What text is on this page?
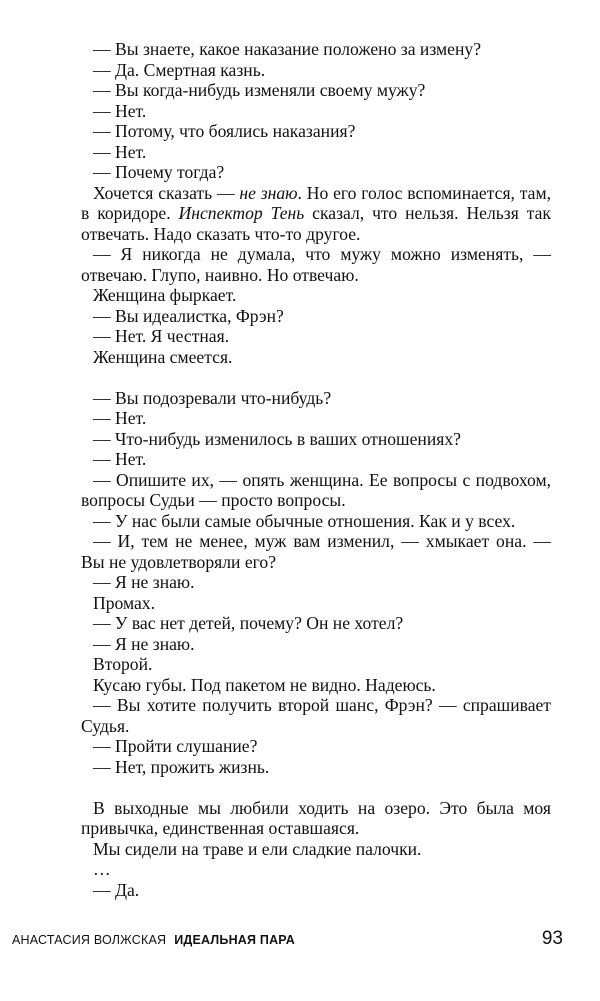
— Вы знаете, какое наказание положено за измену?

— Да. Смертная казнь.

— Вы когда-нибудь изменяли своему мужу?

— Нет.

— Потому, что боялись наказания?

— Нет.

— Почему тогда?

Хочется сказать — не знаю. Но его голос вспоминается, там, в коридоре. Инспектор Тень сказал, что нельзя. Нельзя так отвечать. Надо сказать что-то другое.

— Я никогда не думала, что мужу можно изменять, — отвечаю. Глупо, наивно. Но отвечаю.

Женщина фыркает.

— Вы идеалистка, Фрэн?

— Нет. Я честная.

Женщина смеется.

— Вы подозревали что-нибудь?

— Нет.

— Что-нибудь изменилось в ваших отношениях?

— Нет.

— Опишите их, — опять женщина. Ее вопросы с подвохом, вопросы Судьи — просто вопросы.

— У нас были самые обычные отношения. Как и у всех.

— И, тем не менее, муж вам изменил, — хмыкает она. — Вы не удовлетворяли его?

— Я не знаю.

Промах.

— У вас нет детей, почему? Он не хотел?

— Я не знаю.

Второй.

Кусаю губы. Под пакетом не видно. Надеюсь.

— Вы хотите получить второй шанс, Фрэн? — спрашивает Судья.

— Пройти слушание?

— Нет, прожить жизнь.

В выходные мы любили ходить на озеро. Это была моя привычка, единственная оставшаяся.

Мы сидели на траве и ели сладкие палочки.

…

— Да.

АНАСТАСИЯ ВОЛЖСКАЯ ИДЕАЛЬНАЯ ПАРА	93
